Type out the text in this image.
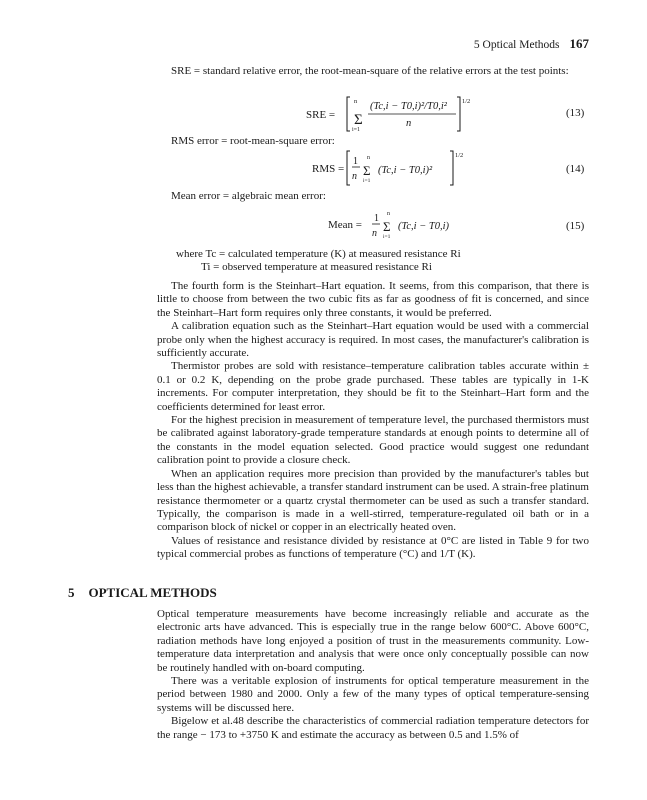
5 Optical Methods 167

SRE = standard relative error, the root-mean-square of the relative errors at the test points:

SRE =
n
Σ
i=1
(Tc,i − T0,i)²/T0,i²
n
1/2
(13)

RMS error = root-mean-square error:

RMS =
1
n
n
Σ
i=1
(Tc,i − T0,i)²
1/2
(14)

Mean error = algebraic mean error:

Mean =
1
n
n
Σ
i=1
(Tc,i − T0,i)	(15)
where Tc = calculated temperature (K) at measured resistance Ri
Ti = observed temperature at measured resistance Ri

The fourth form is the Steinhart–Hart equation. It seems, from this comparison, that there is little to choose from between the two cubic fits as far as goodness of fit is concerned, and since the Steinhart–Hart form requires only three constants, it would be preferred.

A calibration equation such as the Steinhart–Hart equation would be used with a commercial probe only when the highest accuracy is required. In most cases, the manufacturer's calibration is sufficiently accurate.

Thermistor probes are sold with resistance–temperature calibration tables accurate within ± 0.1 or 0.2 K, depending on the probe grade purchased. These tables are typically in 1-K increments. For computer interpretation, they should be fit to the Steinhart–Hart form and the coefficients determined for least error.

For the highest precision in measurement of temperature level, the purchased thermistors must be calibrated against laboratory-grade temperature standards at enough points to determine all of the constants in the model equation selected. Good practice would suggest one redundant calibration point to provide a closure check.

When an application requires more precision than provided by the manufacturer's tables but less than the highest achievable, a transfer standard instrument can be used. A strain-free platinum resistance thermometer or a quartz crystal thermometer can be used as such a transfer standard. Typically, the comparison is made in a well-stirred, temperature-regulated oil bath or in a comparison block of nickel or copper in an electrically heated oven.

Values of resistance and resistance divided by resistance at 0°C are listed in Table 9 for two typical commercial probes as functions of temperature (°C) and 1/T (K).

5 OPTICAL METHODS

Optical temperature measurements have become increasingly reliable and accurate as the electronic arts have advanced. This is especially true in the range below 600°C. Above 600°C, radiation methods have long enjoyed a position of trust in the measurements community. Low-temperature data interpretation and analysis that were once only conceptually possible can now be routinely handled with on-board computing.

There was a veritable explosion of instruments for optical temperature measurement in the period between 1980 and 2000. Only a few of the many types of optical temperature-sensing systems will be discussed here.

Bigelow et al.48 describe the characteristics of commercial radiation temperature detectors for the range − 173 to +3750 K and estimate the accuracy as between 0.5 and 1.5% of
